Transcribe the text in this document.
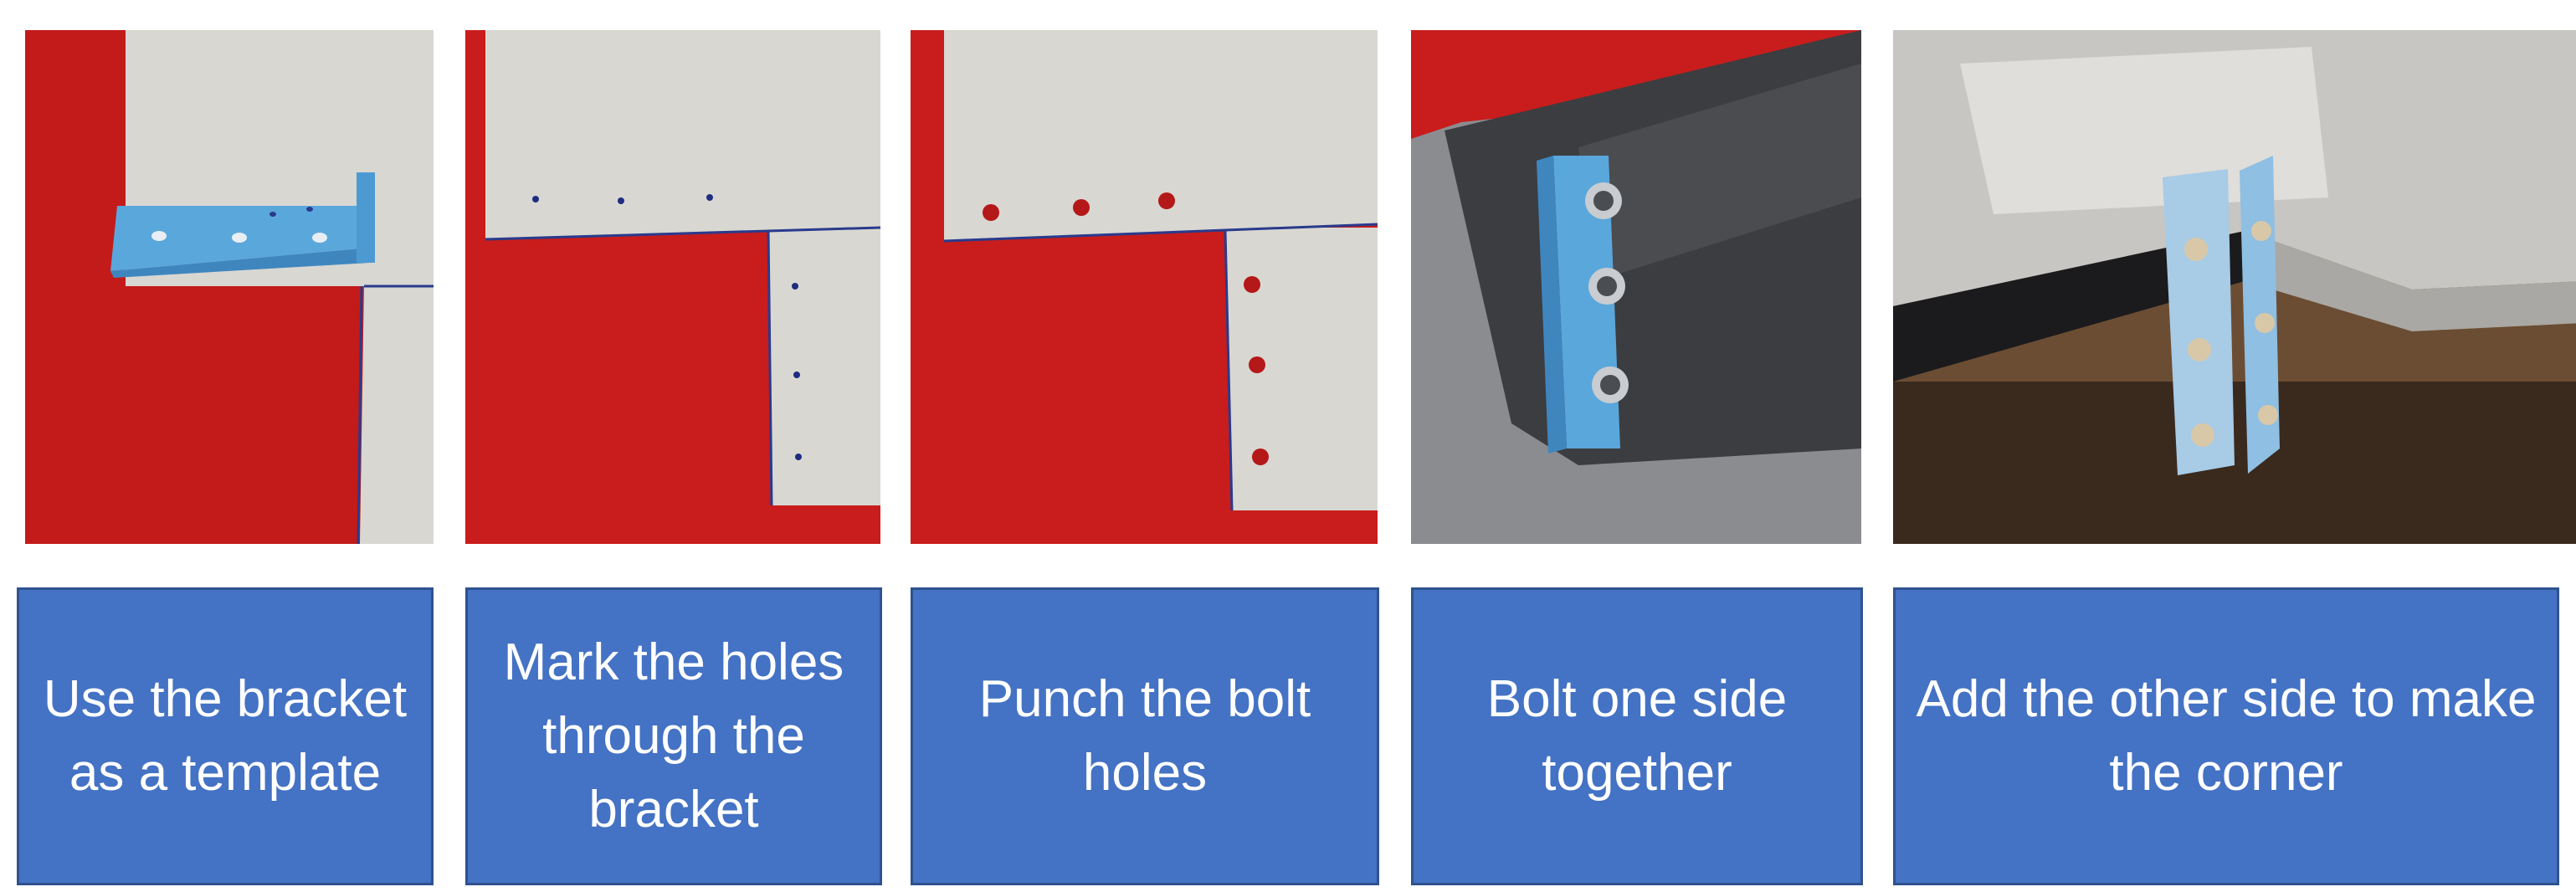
Use the bracket as a template
Mark the holes through the bracket
Punch the bolt holes
Bolt one side together
Add the other side to make the corner
